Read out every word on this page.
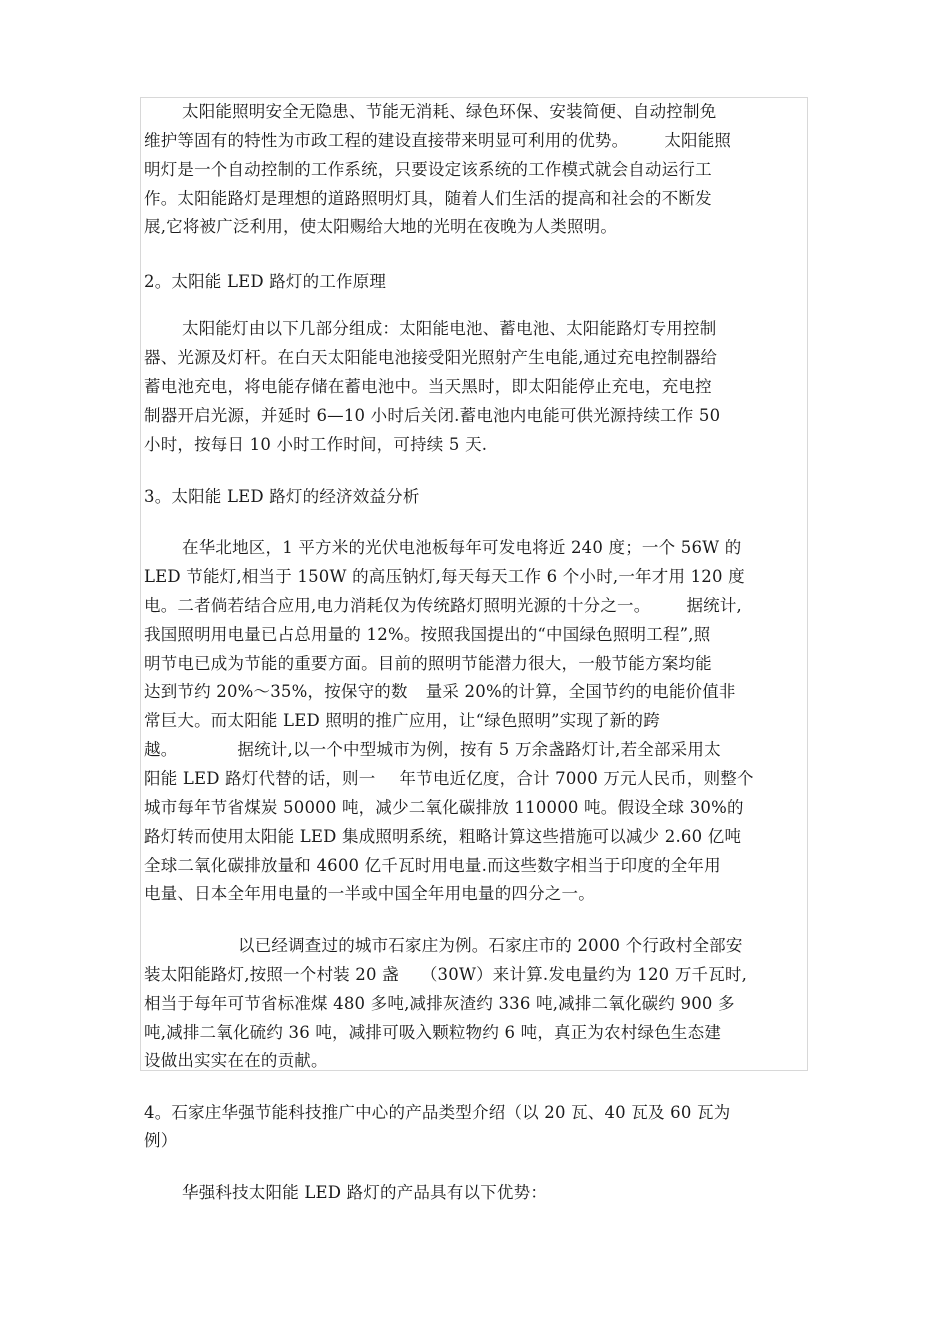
太阳能照明安全无隐患、节能无消耗、绿色环保、安装简便、自动控制免
维护等固有的特性为市政工程的建设直接带来明显可利用的优势。 太阳能照
明灯是一个自动控制的工作系统，只要设定该系统的工作模式就会自动运行工
作。太阳能路灯是理想的道路照明灯具，随着人们生活的提高和社会的不断发
展,它将被广泛利用，使太阳赐给大地的光明在夜晚为人类照明。
2。太阳能 LED 路灯的工作原理
太阳能灯由以下几部分组成：太阳能电池、蓄电池、太阳能路灯专用控制
器、光源及灯杆。在白天太阳能电池接受阳光照射产生电能,通过充电控制器给
蓄电池充电，将电能存储在蓄电池中。当天黑时，即太阳能停止充电，充电控
制器开启光源，并延时 6—10 小时后关闭.蓄电池内电能可供光源持续工作 50
小时，按每日 10 小时工作时间，可持续 5 天.
3。太阳能 LED 路灯的经济效益分析
在华北地区，1 平方米的光伏电池板每年可发电将近 240 度；一个 56W 的
LED 节能灯,相当于 150W 的高压钠灯,每天每天工作 6 个小时,一年才用 120 度
电。二者倘若结合应用,电力消耗仅为传统路灯照明光源的十分之一。 据统计,
我国照明用电量已占总用量的 12%。按照我国提出的“中国绿色照明工程”,照
明节电已成为节能的重要方面。目前的照明节能潜力很大，一般节能方案均能
达到节约 20%～35%，按保守的数 量采 20%的计算，全国节约的电能价值非
常巨大。而太阳能 LED 照明的推广应用，让“绿色照明”实现了新的跨
越。	据统计,以一个中型城市为例，按有 5 万余盏路灯计,若全部采用太
阳能 LED 路灯代替的话，则一 年节电近亿度，合计 7000 万元人民币，则整个
城市每年节省煤炭 50000 吨，减少二氧化碳排放 110000 吨。假设全球 30%的
路灯转而使用太阳能 LED 集成照明系统，粗略计算这些措施可以减少 2.60 亿吨
全球二氧化碳排放量和 4600 亿千瓦时用电量.而这些数字相当于印度的全年用
电量、日本全年用电量的一半或中国全年用电量的四分之一。
以已经调查过的城市石家庄为例。石家庄市的 2000 个行政村全部安
装太阳能路灯,按照一个村装 20 盏 （30W）来计算.发电量约为 120 万千瓦时,
相当于每年可节省标准煤 480 多吨,减排灰渣约 336 吨,减排二氧化碳约 900 多
吨,减排二氧化硫约 36 吨，减排可吸入颗粒物约 6 吨，真正为农村绿色生态建
设做出实实在在的贡献。
4。石家庄华强节能科技推广中心的产品类型介绍（以 20 瓦、40 瓦及 60 瓦为
例）
华强科技太阳能 LED 路灯的产品具有以下优势：
